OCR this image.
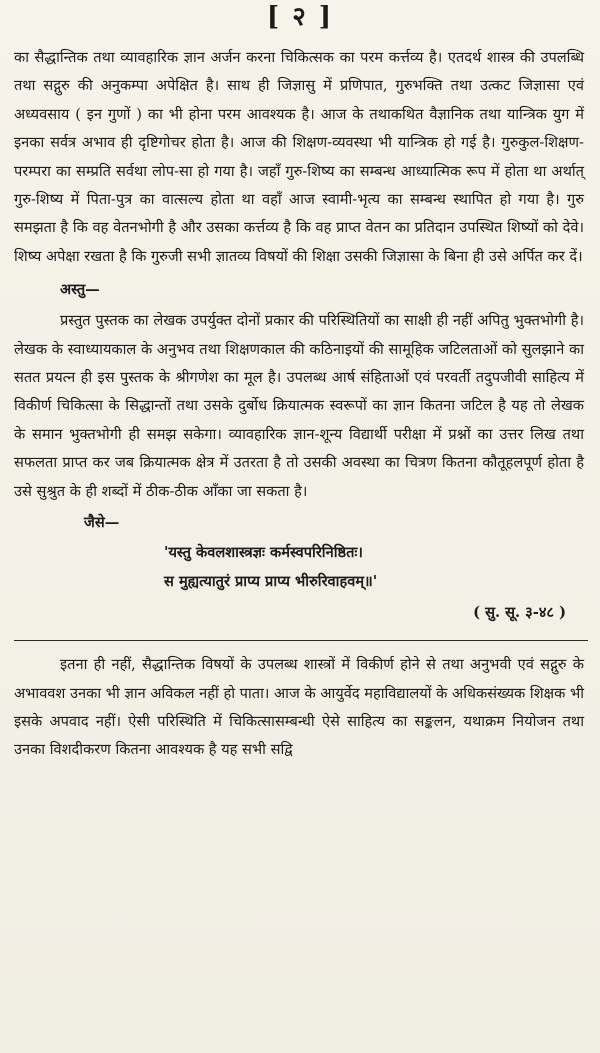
[ २ ]

का सैद्धान्तिक तथा व्यावहारिक ज्ञान अर्जन करना चिकित्सक का परम कर्त्तव्य है। एतदर्थ शास्त्र की उपलब्धि तथा सद्गुरु की अनुकम्पा अपेक्षित है। साथ ही जिज्ञासु में प्रणिपात, गुरुभक्ति तथा उत्कट जिज्ञासा एवं अध्यवसाय ( इन गुणों ) का भी होना परम आवश्यक है। आज के तथाकथित वैज्ञानिक तथा यान्त्रिक युग में इनका सर्वत्र अभाव ही दृष्टिगोचर होता है। आज की शिक्षण-व्यवस्था भी यान्त्रिक हो गई है। गुरुकुल-शिक्षण-परम्परा का सम्प्रति सर्वथा लोप-सा हो गया है। जहाँ गुरु-शिष्य का सम्बन्ध आध्यात्मिक रूप में होता था अर्थात् गुरु-शिष्य में पिता-पुत्र का वात्सल्य होता था वहाँ आज स्वामी-भृत्य का सम्बन्ध स्थापित हो गया है। गुरु समझता है कि वह वेतनभोगी है और उसका कर्त्तव्य है कि वह प्राप्त वेतन का प्रतिदान उपस्थित शिष्यों को देवे। शिष्य अपेक्षा रखता है कि गुरुजी सभी ज्ञातव्य विषयों की शिक्षा उसकी जिज्ञासा के बिना ही उसे अर्पित कर दें।

अस्तु—

प्रस्तुत पुस्तक का लेखक उपर्युक्त दोनों प्रकार की परिस्थितियों का साक्षी ही नहीं अपितु भुक्तभोगी है। लेखक के स्वाध्यायकाल के अनुभव तथा शिक्षणकाल की कठिनाइयों की सामूहिक जटिलताओं को सुलझाने का सतत प्रयत्न ही इस पुस्तक के श्रीगणेश का मूल है। उपलब्ध आर्ष संहिताओं एवं परवर्ती तदुपजीवी साहित्य में विकीर्ण चिकित्सा के सिद्धान्तों तथा उसके दुर्बोध क्रियात्मक स्वरूपों का ज्ञान कितना जटिल है यह तो लेखक के समान भुक्तभोगी ही समझ सकेगा। व्यावहारिक ज्ञान-शून्य विद्यार्थी परीक्षा में प्रश्नों का उत्तर लिख तथा सफलता प्राप्त कर जब क्रियात्मक क्षेत्र में उतरता है तो उसकी अवस्था का चित्रण कितना कौतूहलपूर्ण होता है उसे सुश्रुत के ही शब्दों में ठीक-ठीक आँका जा सकता है।

जैसे—

'यस्तु केवलशास्त्रज्ञः कर्मस्वपरिनिष्ठितः।

स मुह्यत्यातुरं प्राप्य प्राप्य भीरुरिवाहवम्॥'

( सु. सू. ३-४८ )

इतना ही नहीं, सैद्धान्तिक विषयों के उपलब्ध शास्त्रों में विकीर्ण होने से तथा अनुभवी एवं सद्गुरु के अभाववश उनका भी ज्ञान अविकल नहीं हो पाता। आज के आयुर्वेद महाविद्यालयों के अधिकसंख्यक शिक्षक भी इसके अपवाद नहीं। ऐसी परिस्थिति में चिकित्सासम्बन्धी ऐसे साहित्य का सङ्कलन, यथाक्रम नियोजन तथा उनका विशदीकरण कितना आवश्यक है यह सभी सद्वि
